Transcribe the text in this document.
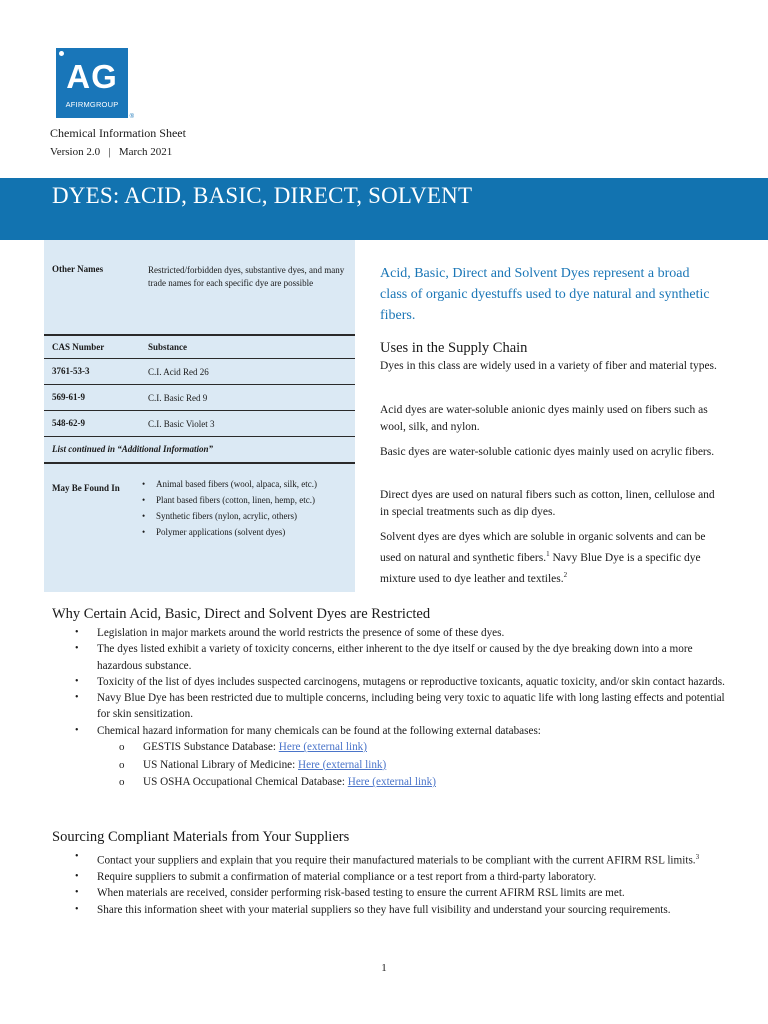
AG
AFIRMGROUP
®
Chemical Information Sheet
Version 2.0 | March 2021
DYES: ACID, BASIC, DIRECT, SOLVENT
Other Names	Restricted/forbidden dyes, substantive dyes, and many trade names for each specific dye are possible
CAS Number	Substance
3761-53-3	C.I. Acid Red 26
569-61-9	C.I. Basic Red 9
548-62-9	C.I. Basic Violet 3
List continued in “Additional Information”
May Be Found In
•	Animal based fibers (wool, alpaca, silk, etc.)
• Plant based fibers (cotton, linen, hemp, etc.)
• Synthetic fibers (nylon, acrylic, others)
• Polymer applications (solvent dyes)
Acid, Basic, Direct and Solvent Dyes represent a broad class of organic dyestuffs used to dye natural and synthetic fibers.
Uses in the Supply Chain
Dyes in this class are widely used in a variety of fiber and material types.
Acid dyes are water-soluble anionic dyes mainly used on fibers such as wool, silk, and nylon.
Basic dyes are water-soluble cationic dyes mainly used on acrylic fibers.
Direct dyes are used on natural fibers such as cotton, linen, cellulose and in special treatments such as dip dyes.
Solvent dyes are dyes which are soluble in organic solvents and can be used on natural and synthetic fibers.$^1$ Navy Blue Dye is a specific dye mixture used to dye leather and textiles.$^2$
Why Certain Acid, Basic, Direct and Solvent Dyes are Restricted
• Legislation in major markets around the world restricts the presence of some of these dyes.
• The dyes listed exhibit a variety of toxicity concerns, either inherent to the dye itself or caused by the dye breaking down into a more hazardous substance.
• Toxicity of the list of dyes includes suspected carcinogens, mutagens or reproductive toxicants, aquatic toxicity, and/or skin contact hazards.
• Navy Blue Dye has been restricted due to multiple concerns, including being very toxic to aquatic life with long lasting effects and potential for skin sensitization.
• Chemical hazard information for many chemicals can be found at the following external databases:
o GESTIS Substance Database: Here (external link)
o US National Library of Medicine: Here (external link)
o US OSHA Occupational Chemical Database: Here (external link)
Sourcing Compliant Materials from Your Suppliers
• Contact your suppliers and explain that you require their manufactured materials to be compliant with the current AFIRM RSL limits.$^3$
• Require suppliers to submit a confirmation of material compliance or a test report from a third-party laboratory.
• When materials are received, consider performing risk-based testing to ensure the current AFIRM RSL limits are met.
• Share this information sheet with your material suppliers so they have full visibility and understand your sourcing requirements.
1
